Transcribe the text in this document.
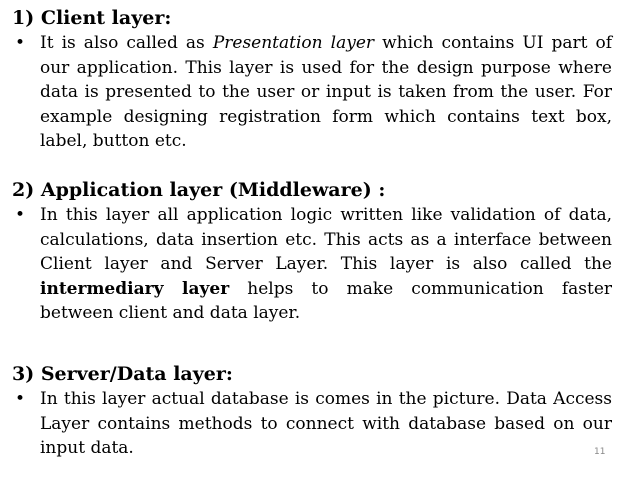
1) Client layer:
• It is also called as Presentation layer which contains UI part of our application. This layer is used for the design purpose where data is presented to the user or input is taken from the user. For example designing registration form which contains text box, label, button etc.
2) Application layer (Middleware) :
• In this layer all application logic written like validation of data, calculations, data insertion etc. This acts as a interface between Client layer and Server Layer. This layer is also called the intermediary layer helps to make communication faster between client and data layer.
3) Server/Data layer:
• In this layer actual database is comes in the picture. Data Access Layer contains methods to connect with database based on our input data.	11
